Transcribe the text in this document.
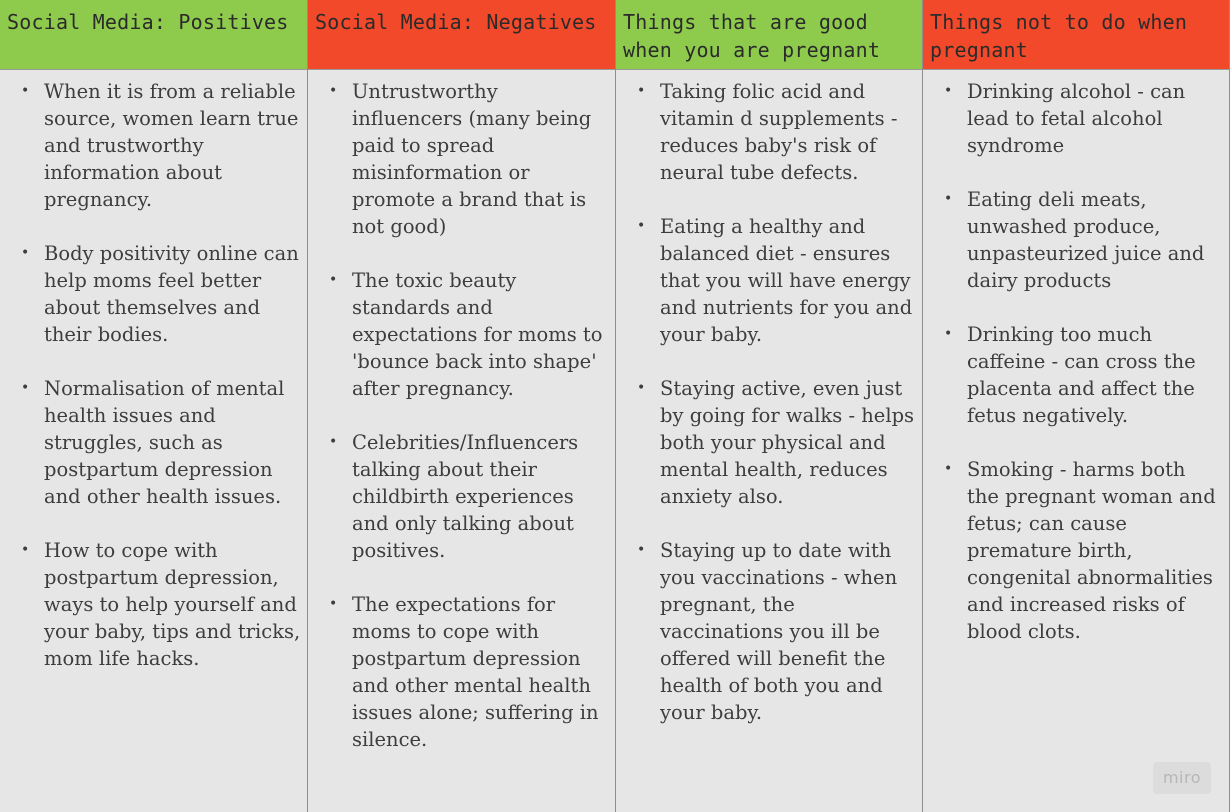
Social Media: Positives
• When it is from a reliable source, women learn true and trustworthy information about pregnancy.
• Body positivity online can help moms feel better about themselves and their bodies.
• Normalisation of mental health issues and struggles, such as postpartum depression and other health issues.
• How to cope with postpartum depression, ways to help yourself and your baby, tips and tricks, mom life hacks.
Social Media: Negatives
• Untrustworthy influencers (many being paid to spread misinformation or promote a brand that is not good)
• The toxic beauty standards and expectations for moms to 'bounce back into shape' after pregnancy.
• Celebrities/Influencers talking about their childbirth experiences and only talking about positives.
• The expectations for moms to cope with postpartum depression and other mental health issues alone; suffering in silence.
Things that are good when you are pregnant
• Taking folic acid and vitamin d supplements - reduces baby's risk of neural tube defects.
• Eating a healthy and balanced diet - ensures that you will have energy and nutrients for you and your baby.
• Staying active, even just by going for walks - helps both your physical and mental health, reduces anxiety also.
• Staying up to date with you vaccinations - when pregnant, the vaccinations you ill be offered will benefit the health of both you and your baby.
Things not to do when pregnant
• Drinking alcohol - can lead to fetal alcohol syndrome
• Eating deli meats, unwashed produce, unpasteurized juice and dairy products
• Drinking too much caffeine - can cross the placenta and affect the fetus negatively.
• Smoking - harms both the pregnant woman and fetus; can cause premature birth, congenital abnormalities and increased risks of blood clots.
miro
